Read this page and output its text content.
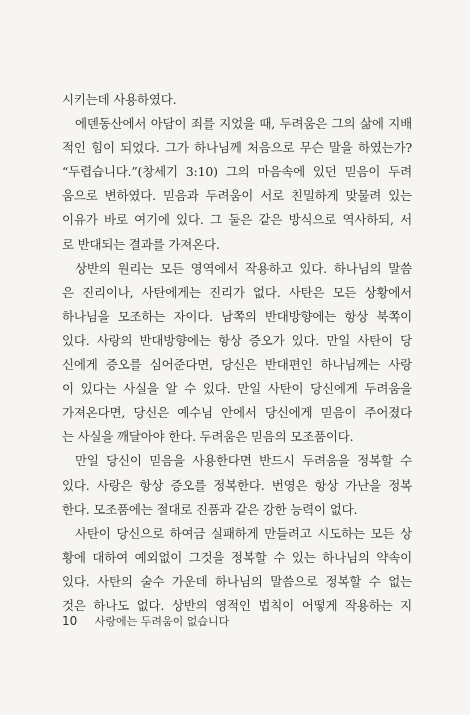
시키는데 사용하였다.
에덴동산에서 아담이 죄를 지었을 때, 두려움은 그의 삶에 지배
적인 힘이 되었다. 그가 하나님께 처음으로 무슨 말을 하였는가?
“두렵습니다.”(창세기 3:10) 그의 마음속에 있던 믿음이 두려
움으로 변하였다. 믿음과 두려움이 서로 친밀하게 맞물려 있는
이유가 바로 여기에 있다. 그 둘은 같은 방식으로 역사하되, 서
로 반대되는 결과를 가져온다.
상반의 원리는 모든 영역에서 작용하고 있다. 하나님의 말씀
은 진리이나, 사탄에게는 진리가 없다. 사탄은 모든 상황에서
하나님을 모조하는 자이다. 남쪽의 반대방향에는 항상 북쪽이
있다. 사랑의 반대방향에는 항상 증오가 있다. 만일 사탄이 당
신에게 증오를 심어준다면, 당신은 반대편인 하나님께는 사랑
이 있다는 사실을 알 수 있다. 만일 사탄이 당신에게 두려움을
가져온다면, 당신은 예수님 안에서 당신에게 믿음이 주어졌다
는 사실을 깨달아야 한다. 두려움은 믿음의 모조품이다.
만일 당신이 믿음을 사용한다면 반드시 두려움을 정복할 수
있다. 사랑은 항상 증오를 정복한다. 번영은 항상 가난을 정복
한다. 모조품에는 절대로 진품과 같은 강한 능력이 없다.
사탄이 당신으로 하여금 실패하게 만들려고 시도하는 모든 상
황에 대하여 예외없이 그것을 정복할 수 있는 하나님의 약속이
있다. 사탄의 술수 가운데 하나님의 말씀으로 정복할 수 없는
것은 하나도 없다. 상반의 영적인 법칙이 어떻게 작용하는 지
10 사랑에는 두려움이 없습니다
